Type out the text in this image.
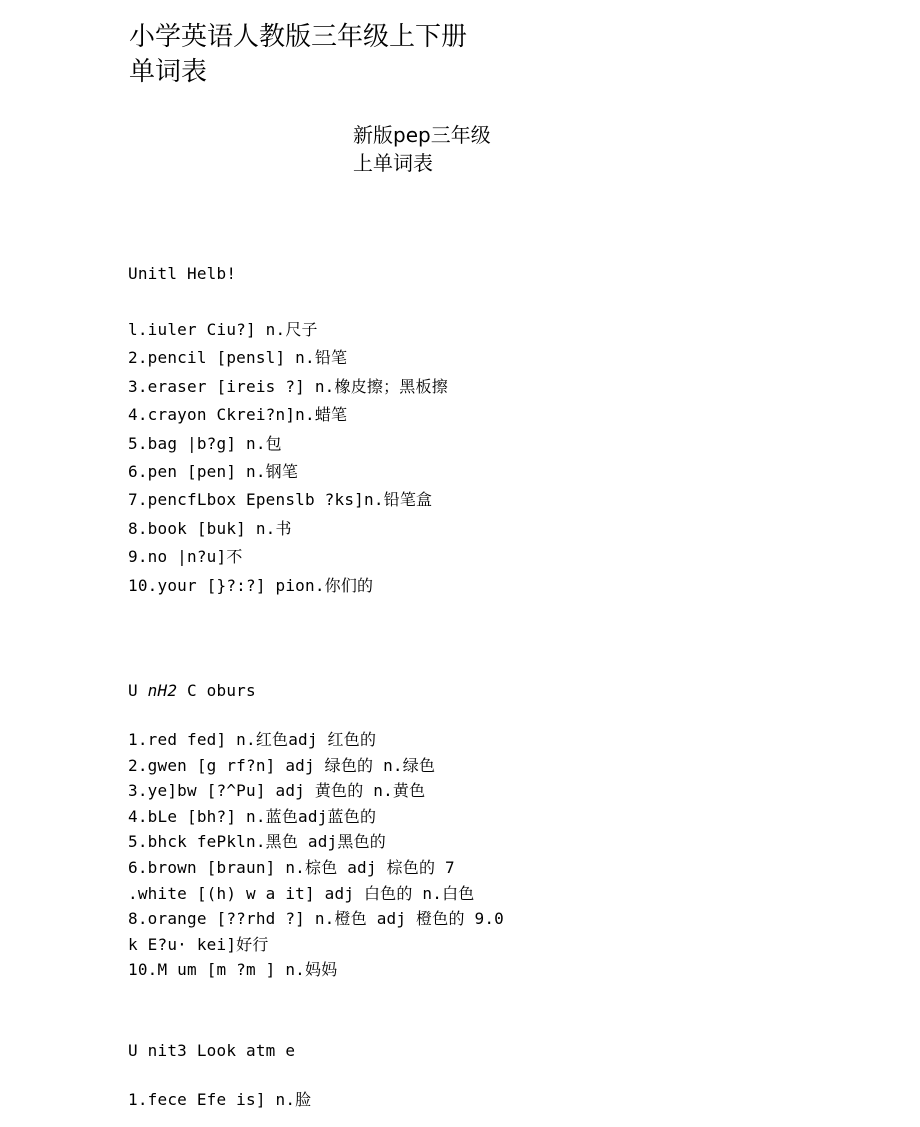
小学英语人教版三年级上下册
单词表
新版pep三年级
上单词表
Unitl Helb!
l.iuler Ciu?] n.尺子
2.pencil [pensl] n.铅笔
3.eraser [ireis ?] n.橡皮擦；黑板擦
4.crayon Ckrei?n]n.蜡笔
5.bag |b?g] n.包
6.pen [pen] n.钢笔
7.pencfLbox Epenslb ?ks]n.铅笔盒
8.book [buk] n.书
9.no |n?u]不
10.your [}?:?] pion.你们的
U nH2 C oburs
1.red fed] n.红色adj 红色的
2.gwen [g rf?n] adj 绿色的 n.绿色
3.ye]bw [?^Pu] adj 黄色的 n.黄色
4.bLe [bh?] n.蓝色adj蓝色的
5.bhck fePkln.黑色 adj黑色的
6.brown [braun] n.棕色 adj 棕色的 7
.white [(h) w a it] adj 白色的 n.白色
8.orange [??rhd ?] n.橙色 adj 橙色的 9.0
k E?u· kei]好行
10.M um [m ?m ] n.妈妈
U nit3 Look atm e
1.fece Efe is] n.脸
